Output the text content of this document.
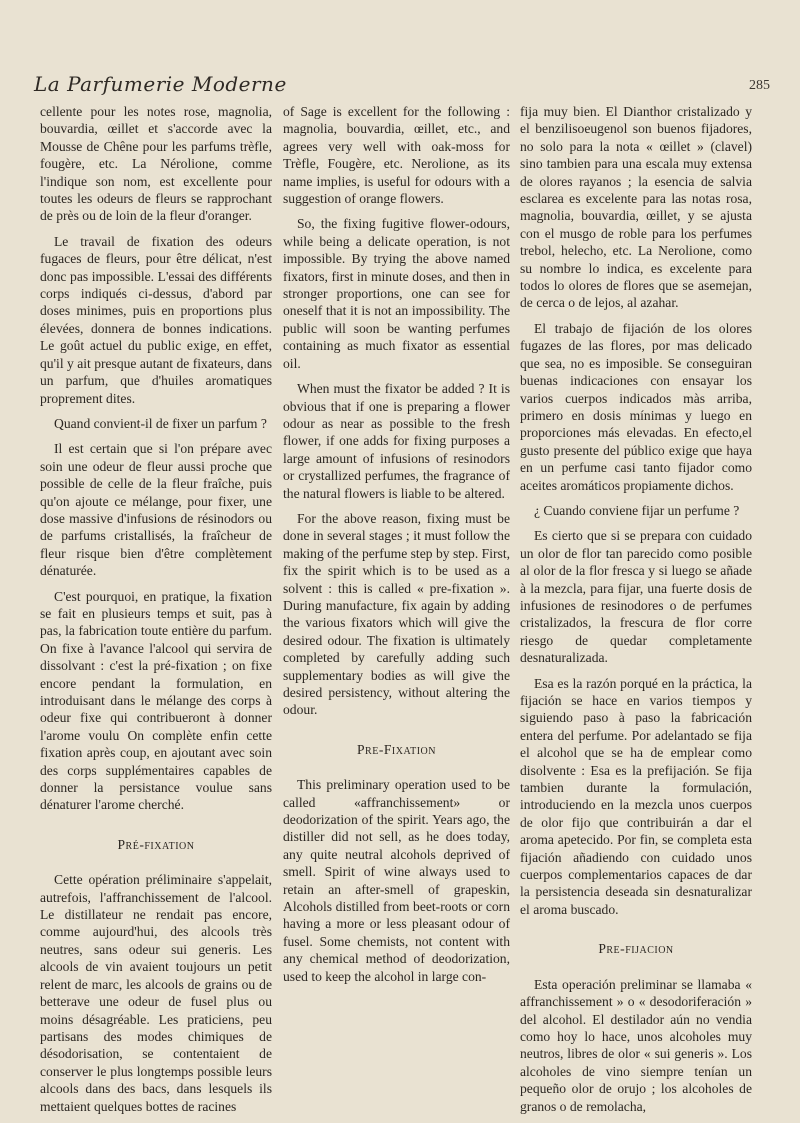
La Parfumerie Moderne	285

cellente pour les notes rose, magnolia, bouvardia, œillet et s'accorde avec la Mousse de Chêne pour les parfums trèfle, fougère, etc. La Nérolione, comme l'indique son nom, est excellente pour toutes les odeurs de fleurs se rapprochant de près ou de loin de la fleur d'oranger.

Le travail de fixation des odeurs fugaces de fleurs, pour être délicat, n'est donc pas impossible. L'essai des différents corps indiqués ci-dessus, d'abord par doses minimes, puis en proportions plus élevées, donnera de bonnes indications. Le goût actuel du public exige, en effet, qu'il y ait presque autant de fixateurs, dans un parfum, que d'huiles aromatiques proprement dites.

Quand convient-il de fixer un parfum ?

Il est certain que si l'on prépare avec soin une odeur de fleur aussi proche que possible de celle de la fleur fraîche, puis qu'on ajoute ce mélange, pour fixer, une dose massive d'infusions de résinodors ou de parfums cristallisés, la fraîcheur de fleur risque bien d'être complètement dénaturée.

C'est pourquoi, en pratique, la fixation se fait en plusieurs temps et suit, pas à pas, la fabrication toute entière du parfum. On fixe à l'avance l'alcool qui servira de dissolvant : c'est la pré-fixation ; on fixe encore pendant la formulation, en introduisant dans le mélange des corps à odeur fixe qui contribueront à donner l'arome voulu On complète enfin cette fixation après coup, en ajoutant avec soin des corps supplémentaires capables de donner la persistance voulue sans dénaturer l'arome cherché.

Pré-fixation

Cette opération préliminaire s'appelait, autrefois, l'affranchissement de l'alcool. Le distillateur ne rendait pas encore, comme aujourd'hui, des alcools très neutres, sans odeur sui generis. Les alcools de vin avaient toujours un petit relent de marc, les alcools de grains ou de betterave une odeur de fusel plus ou moins désagréable. Les praticiens, peu partisans des modes chimiques de désodorisation, se contentaient de conserver le plus longtemps possible leurs alcools dans des bacs, dans lesquels ils mettaient quelques bottes de racines

of Sage is excellent for the following : magnolia, bouvardia, œillet, etc., and agrees very well with oak-moss for Trèfle, Fougère, etc. Nerolione, as its name implies, is useful for odours with a suggestion of orange flowers.

So, the fixing fugitive flower-odours, while being a delicate operation, is not impossible. By trying the above named fixators, first in minute doses, and then in stronger proportions, one can see for oneself that it is not an impossibility. The public will soon be wanting perfumes containing as much fixator as essential oil.

When must the fixator be added ? It is obvious that if one is preparing a flower odour as near as possible to the fresh flower, if one adds for fixing purposes a large amount of infusions of resinodors or crystallized perfumes, the fragrance of the natural flowers is liable to be altered.

For the above reason, fixing must be done in several stages ; it must follow the making of the perfume step by step. First, fix the spirit which is to be used as a solvent : this is called « pre-fixation ». During manufacture, fix again by adding the various fixators which will give the desired odour. The fixation is ultimately completed by carefully adding such supplementary bodies as will give the desired persistency, without altering the odour.

Pre-Fixation

This preliminary operation used to be called «affranchissement» or deodorization of the spirit. Years ago, the distiller did not sell, as he does today, any quite neutral alcohols deprived of smell. Spirit of wine always used to retain an after-smell of grapeskin, Alcohols distilled from beet-roots or corn having a more or less pleasant odour of fusel. Some chemists, not content with any chemical method of deodorization, used to keep the alcohol in large con-

fija muy bien. El Dianthor cristalizado y el benzilisoeugenol son buenos fijadores, no solo para la nota « œillet » (clavel) sino tambien para una escala muy extensa de olores rayanos ; la esencia de salvia esclarea es excelente para las notas rosa, magnolia, bouvardia, œillet, y se ajusta con el musgo de roble para los perfumes trebol, helecho, etc. La Nerolione, como su nombre lo indica, es excelente para todos lo olores de flores que se asemejan, de cerca o de lejos, al azahar.

El trabajo de fijación de los olores fugazes de las flores, por mas delicado que sea, no es imposible. Se conseguiran buenas indicaciones con ensayar los varios cuerpos indicados màs arriba, primero en dosis mínimas y luego en proporciones más elevadas. En efecto,el gusto presente del público exige que haya en un perfume casi tanto fijador como aceites aromáticos propiamente dichos.

¿ Cuando conviene fijar un perfume ?

Es cierto que si se prepara con cuidado un olor de flor tan parecido como posible al olor de la flor fresca y si luego se añade à la mezcla, para fijar, una fuerte dosis de infusiones de resinodores o de perfumes cristalizados, la frescura de flor corre riesgo de quedar completamente desnaturalizada.

Esa es la razón porqué en la práctica, la fijación se hace en varios tiempos y siguiendo paso à paso la fabricación entera del perfume. Por adelantado se fija el alcohol que se ha de emplear como disolvente : Esa es la prefijación. Se fija tambien durante la formulación, introduciendo en la mezcla unos cuerpos de olor fijo que contribuirán a dar el aroma apetecido. Por fin, se completa esta fijación añadiendo con cuidado unos cuerpos complementarios capaces de dar la persistencia deseada sin desnaturalizar el aroma buscado.

Pre-fijacion

Esta operación preliminar se llamaba « affranchissement » o « desodoriferación » del alcohol. El destilador aún no vendia como hoy lo hace, unos alcoholes muy neutros, libres de olor « sui generis ». Los alcoholes de vino siempre tenían un pequeño olor de orujo ; los alcoholes de granos o de remolacha,
